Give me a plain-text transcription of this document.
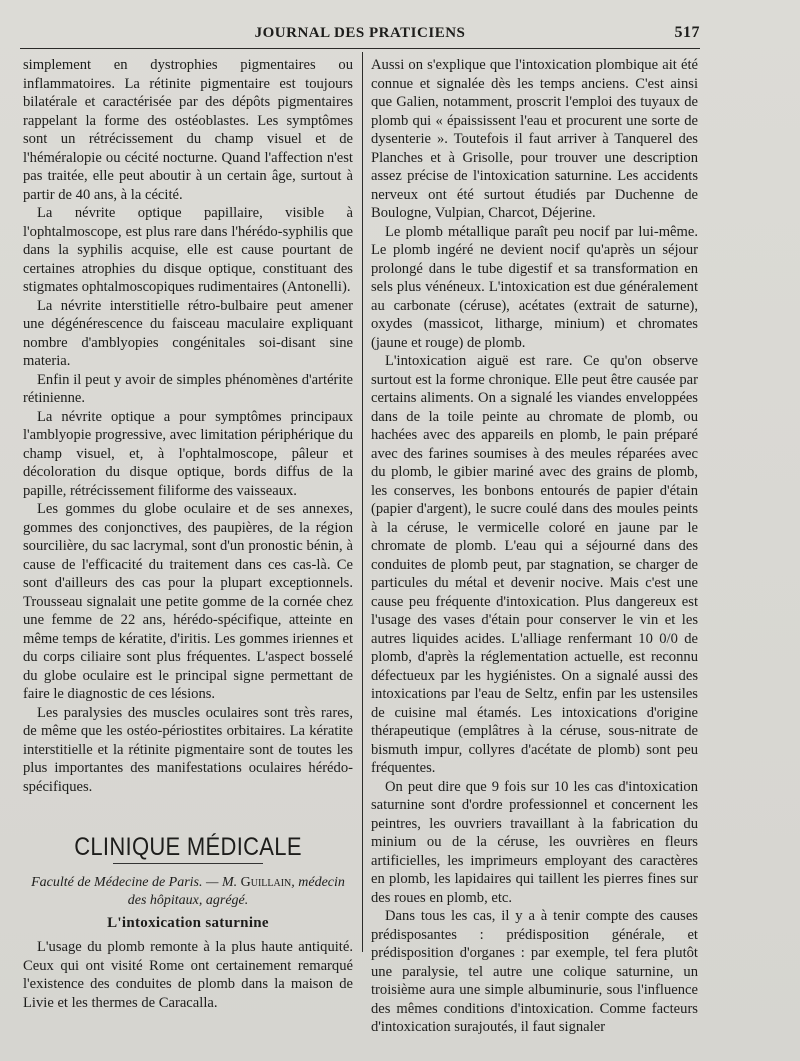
JOURNAL DES PRATICIENS	517

simplement en dystrophies pigmentaires ou inflammatoires. La rétinite pigmentaire est toujours bilatérale et caractérisée par des dépôts pigmentaires rappelant la forme des ostéoblastes. Les symptômes sont un rétrécissement du champ visuel et de l'héméralopie ou cécité nocturne. Quand l'affection n'est pas traitée, elle peut aboutir à un certain âge, surtout à partir de 40 ans, à la cécité.

La névrite optique papillaire, visible à l'ophtalmoscope, est plus rare dans l'hérédo-syphilis que dans la syphilis acquise, elle est cause pourtant de certaines atrophies du disque optique, constituant des stigmates ophtalmoscopiques rudimentaires (Antonelli).

La névrite interstitielle rétro-bulbaire peut amener une dégénérescence du faisceau maculaire expliquant nombre d'amblyopies congénitales soi-disant sine materia.

Enfin il peut y avoir de simples phénomènes d'artérite rétinienne.

La névrite optique a pour symptômes principaux l'amblyopie progressive, avec limitation périphérique du champ visuel, et, à l'ophtalmoscope, pâleur et décoloration du disque optique, bords diffus de la papille, rétrécissement filiforme des vaisseaux.

Les gommes du globe oculaire et de ses annexes, gommes des conjonctives, des paupières, de la région sourcilière, du sac lacrymal, sont d'un pronostic bénin, à cause de l'efficacité du traitement dans ces cas-là. Ce sont d'ailleurs des cas pour la plupart exceptionnels. Trousseau signalait une petite gomme de la cornée chez une femme de 22 ans, hérédo-spécifique, atteinte en même temps de kératite, d'iritis. Les gommes iriennes et du corps ciliaire sont plus fréquentes. L'aspect bosselé du globe oculaire est le principal signe permettant de faire le diagnostic de ces lésions.

Les paralysies des muscles oculaires sont très rares, de même que les ostéo-périostites orbitaires. La kératite interstitielle et la rétinite pigmentaire sont de toutes les plus importantes des manifestations oculaires hérédo-spécifiques.

CLINIQUE MÉDICALE
Faculté de Médecine de Paris. — M. Guillain, médecin des hôpitaux, agrégé.
L'intoxication saturnine

L'usage du plomb remonte à la plus haute antiquité. Ceux qui ont visité Rome ont certainement remarqué l'existence des conduites de plomb dans la maison de Livie et les thermes de Caracalla.

Aussi on s'explique que l'intoxication plombique ait été connue et signalée dès les temps anciens. C'est ainsi que Galien, notamment, proscrit l'emploi des tuyaux de plomb qui « épaississent l'eau et procurent une sorte de dysenterie ». Toutefois il faut arriver à Tanquerel des Planches et à Grisolle, pour trouver une description assez précise de l'intoxication saturnine. Les accidents nerveux ont été surtout étudiés par Duchenne de Boulogne, Vulpian, Charcot, Déjerine.

Le plomb métallique paraît peu nocif par lui-même. Le plomb ingéré ne devient nocif qu'après un séjour prolongé dans le tube digestif et sa transformation en sels plus vénéneux. L'intoxication est due généralement au carbonate (céruse), acétates (extrait de saturne), oxydes (massicot, litharge, minium) et chromates (jaune et rouge) de plomb.

L'intoxication aiguë est rare. Ce qu'on observe surtout est la forme chronique. Elle peut être causée par certains aliments. On a signalé les viandes enveloppées dans de la toile peinte au chromate de plomb, ou hachées avec des appareils en plomb, le pain préparé avec des farines soumises à des meules réparées avec du plomb, le gibier mariné avec des grains de plomb, les conserves, les bonbons entourés de papier d'étain (papier d'argent), le sucre coulé dans des moules peints à la céruse, le vermicelle coloré en jaune par le chromate de plomb. L'eau qui a séjourné dans des conduites de plomb peut, par stagnation, se charger de particules du métal et devenir nocive. Mais c'est une cause peu fréquente d'intoxication. Plus dangereux est l'usage des vases d'étain pour conserver le vin et les autres liquides acides. L'alliage renfermant 10 0/0 de plomb, d'après la réglementation actuelle, est reconnu défectueux par les hygiénistes. On a signalé aussi des intoxications par l'eau de Seltz, enfin par les ustensiles de cuisine mal étamés. Les intoxications d'origine thérapeutique (emplâtres à la céruse, sous-nitrate de bismuth impur, collyres d'acétate de plomb) sont peu fréquentes.

On peut dire que 9 fois sur 10 les cas d'intoxication saturnine sont d'ordre professionnel et concernent les peintres, les ouvriers travaillant à la fabrication du minium ou de la céruse, les ouvrières en fleurs artificielles, les imprimeurs employant des caractères en plomb, les lapidaires qui taillent les pierres fines sur des roues en plomb, etc.

Dans tous les cas, il y a à tenir compte des causes prédisposantes : prédisposition générale, et prédisposition d'organes : par exemple, tel fera plutôt une paralysie, tel autre une colique saturnine, un troisième aura une simple albuminurie, sous l'influence des mêmes conditions d'intoxication. Comme facteurs d'intoxication surajoutés, il faut signaler
